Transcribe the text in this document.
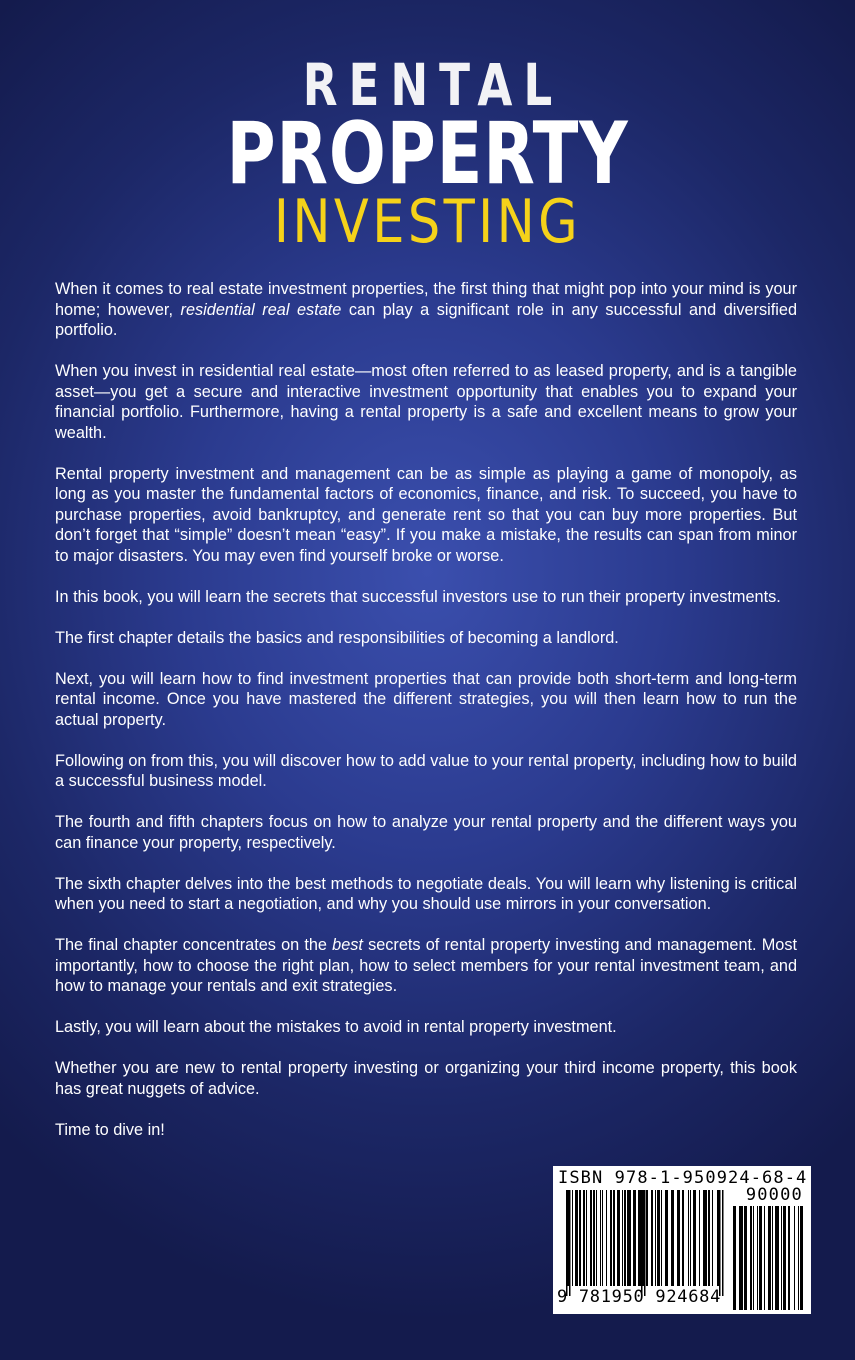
RENTAL
PROPERTY
INVESTING

When it comes to real estate investment properties, the first thing that might pop into your mind is your home; however, residential real estate can play a significant role in any successful and diversified portfolio.

When you invest in residential real estate—most often referred to as leased property, and is a tangible asset—you get a secure and interactive investment opportunity that enables you to expand your financial portfolio. Furthermore, having a rental property is a safe and excellent means to grow your wealth.

Rental property investment and management can be as simple as playing a game of monopoly, as long as you master the fundamental factors of economics, finance, and risk. To succeed, you have to purchase properties, avoid bankruptcy, and generate rent so that you can buy more properties. But don’t forget that “simple” doesn’t mean “easy”. If you make a mistake, the results can span from minor to major disasters. You may even find yourself broke or worse.

In this book, you will learn the secrets that successful investors use to run their property investments.

The first chapter details the basics and responsibilities of becoming a landlord.

Next, you will learn how to find investment properties that can provide both short-term and long-term rental income. Once you have mastered the different strategies, you will then learn how to run the actual property.

Following on from this, you will discover how to add value to your rental property, including how to build a successful business model.

The fourth and fifth chapters focus on how to analyze your rental property and the different ways you can finance your property, respectively.

The sixth chapter delves into the best methods to negotiate deals. You will learn why listening is critical when you need to start a negotiation, and why you should use mirrors in your conversation.

The final chapter concentrates on the best secrets of rental property investing and management. Most importantly, how to choose the right plan, how to select members for your rental investment team, and how to manage your rentals and exit strategies.

Lastly, you will learn about the mistakes to avoid in rental property investment.

Whether you are new to rental property investing or organizing your third income property, this book has great nuggets of advice.

Time to dive in!

ISBN 978-1-950924-68-4
90000
9 781950 924684
